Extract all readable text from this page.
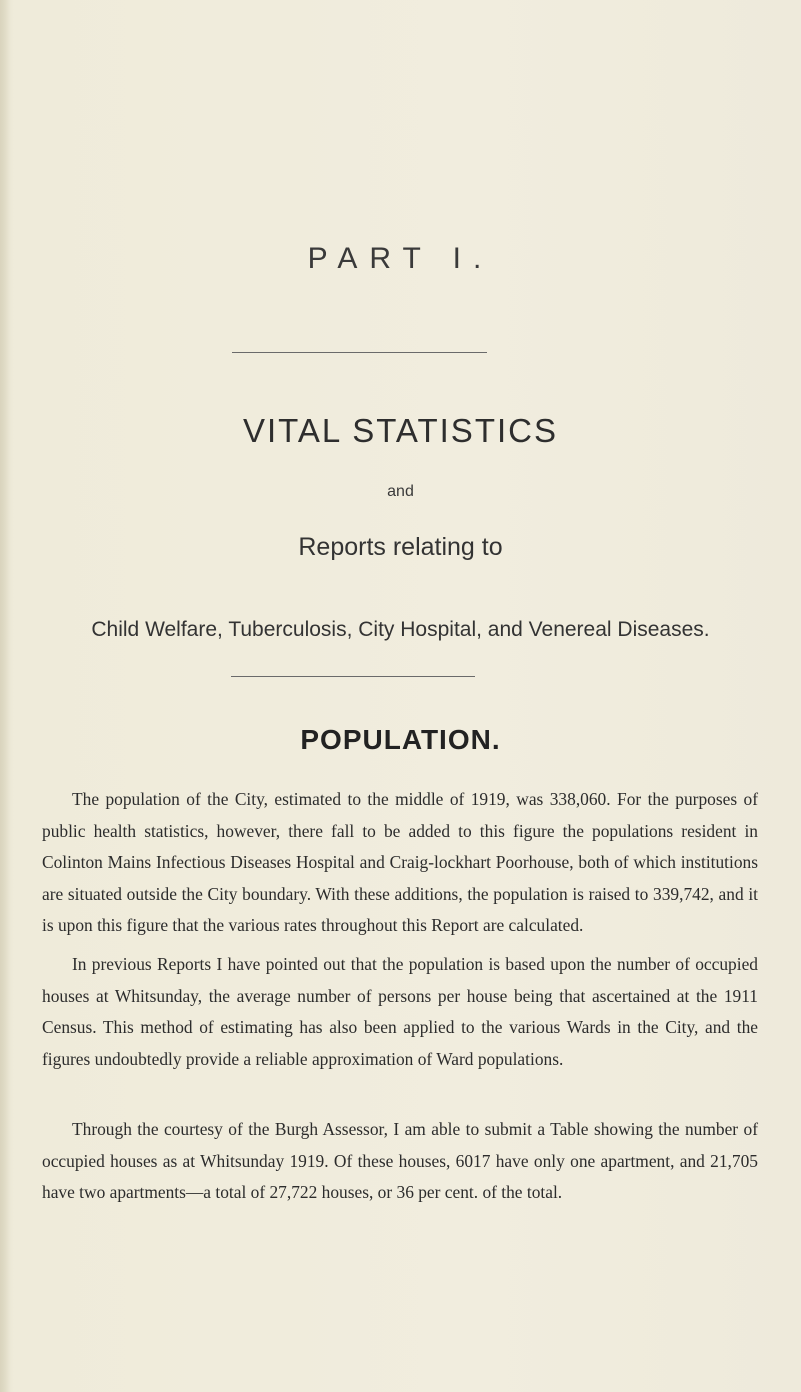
PART I.
VITAL STATISTICS
and
Reports relating to
Child Welfare, Tuberculosis, City Hospital, and Venereal Diseases.
POPULATION.

The population of the City, estimated to the middle of 1919, was 338,060. For the purposes of public health statistics, however, there fall to be added to this figure the populations resident in Colinton Mains Infectious Diseases Hospital and Craig-lockhart Poorhouse, both of which institutions are situated outside the City boundary. With these additions, the population is raised to 339,742, and it is upon this figure that the various rates throughout this Report are calculated.

In previous Reports I have pointed out that the population is based upon the number of occupied houses at Whitsunday, the average number of persons per house being that ascertained at the 1911 Census. This method of estimating has also been applied to the various Wards in the City, and the figures undoubtedly provide a reliable approximation of Ward populations.

Through the courtesy of the Burgh Assessor, I am able to submit a Table showing the number of occupied houses as at Whitsunday 1919. Of these houses, 6017 have only one apartment, and 21,705 have two apartments—a total of 27,722 houses, or 36 per cent. of the total.
